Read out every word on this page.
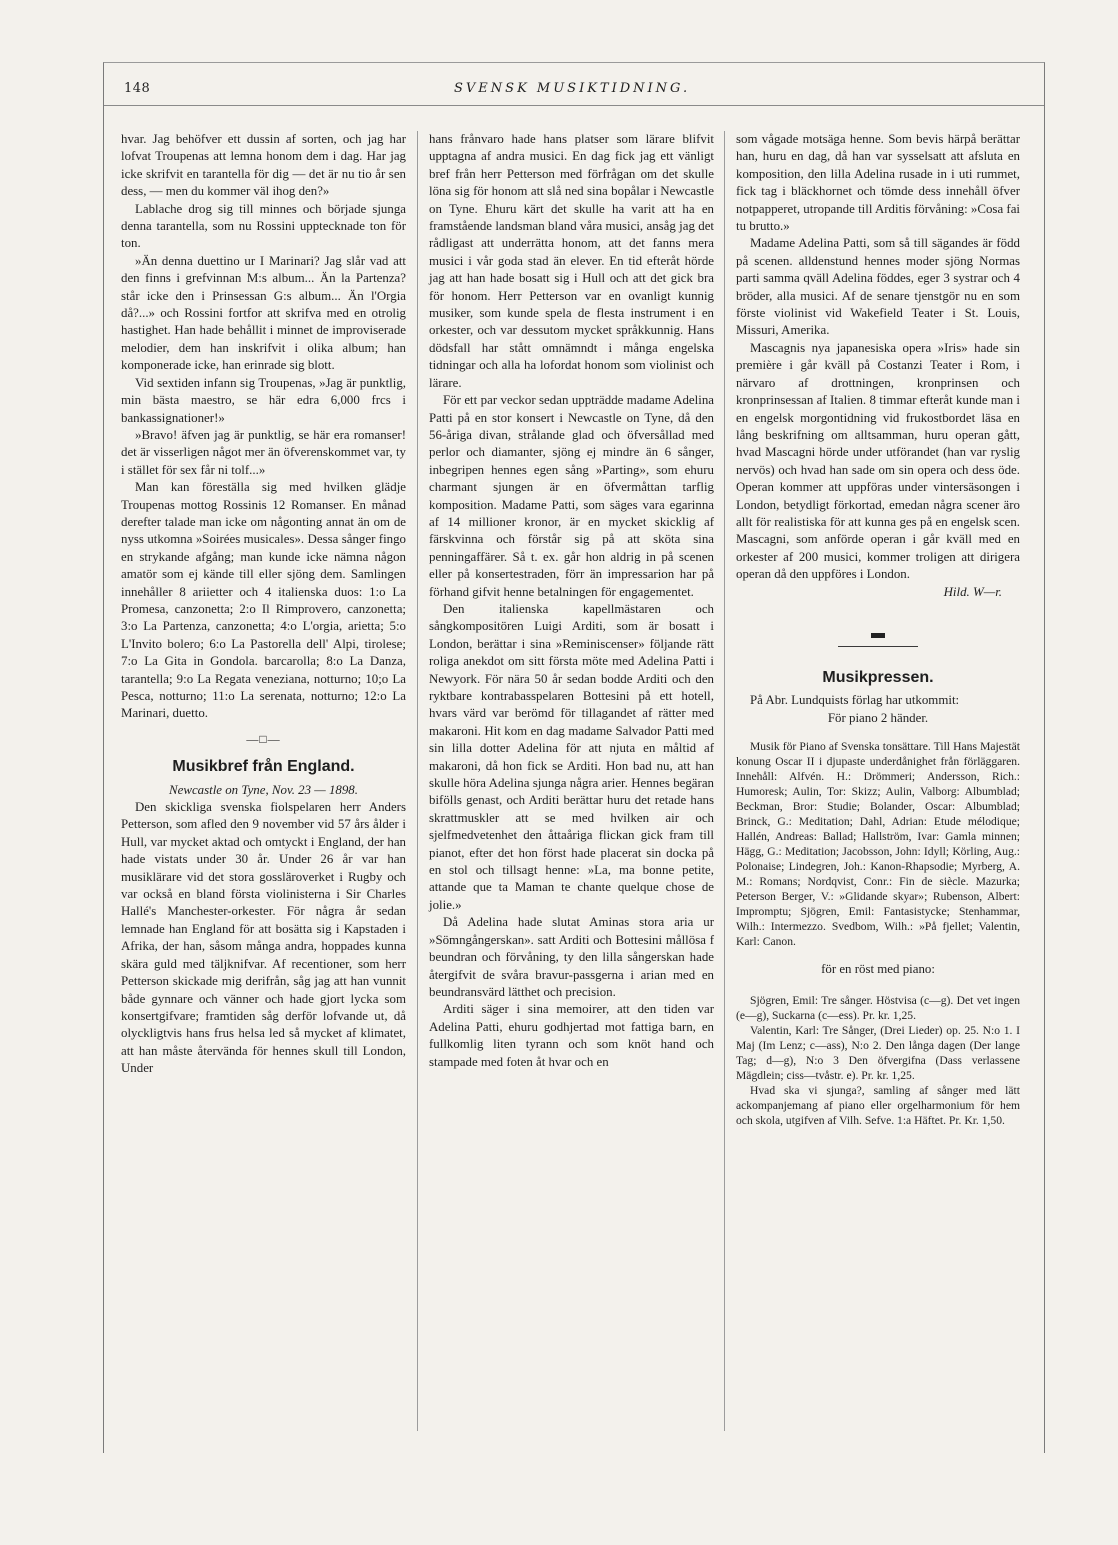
148	SVENSK MUSIKTIDNING.

hvar. Jag behöfver ett dussin af sorten, och jag har lofvat Troupenas att lemna honom dem i dag. Har jag icke skrifvit en tarantella för dig — det är nu tio år sen dess, — men du kommer väl ihog den?»

Lablache drog sig till minnes och började sjunga denna tarantella, som nu Rossini upptecknade ton för ton.

»Än denna duettino ur I Marinari? Jag slår vad att den finns i grefvinnan M:s album... Än la Partenza? står icke den i Prinsessan G:s album... Än l'Orgia då?...» och Rossini fortfor att skrifva med en otrolig hastighet. Han hade behållit i minnet de improviserade melodier, dem han inskrifvit i olika album; han komponerade icke, han erinrade sig blott.

Vid sextiden infann sig Troupenas, »Jag är punktlig, min bästa maestro, se här edra 6,000 frcs i bankassignationer!»

»Bravo! äfven jag är punktlig, se här era romanser! det är visserligen något mer än öfverenskommet var, ty i stället för sex får ni tolf...»

Man kan föreställa sig med hvilken glädje Troupenas mottog Rossinis 12 Romanser. En månad derefter talade man icke om någonting annat än om de nyss utkomna »Soirées musicales». Dessa sånger fingo en strykande afgång; man kunde icke nämna någon amatör som ej kände till eller sjöng dem. Samlingen innehåller 8 ariietter och 4 italienska duos: 1:o La Promesa, canzonetta; 2:o Il Rimprovero, canzonetta; 3:o La Partenza, canzonetta; 4:o L'orgia, arietta; 5:o L'Invito bolero; 6:o La Pastorella dell' Alpi, tirolese; 7:o La Gita in Gondola. barcarolla; 8:o La Danza, tarantella; 9:o La Regata veneziana, notturno; 10;o La Pesca, notturno; 11:o La serenata, notturno; 12:o La Marinari, duetto.

—□—
Musikbref från England.
Newcastle on Tyne, Nov. 23 — 1898.

Den skickliga svenska fiolspelaren herr Anders Petterson, som afled den 9 november vid 57 års ålder i Hull, var mycket aktad och omtyckt i England, der han hade vistats under 30 år. Under 26 år var han musiklärare vid det stora gossläroverket i Rugby och var också en bland första violinisterna i Sir Charles Hallé's Manchester-orkester. För några år sedan lemnade han England för att bosätta sig i Kapstaden i Afrika, der han, såsom många andra, hoppades kunna skära guld med täljknifvar. Af recentioner, som herr Petterson skickade mig derifrån, såg jag att han vunnit både gynnare och vänner och hade gjort lycka som konsertgifvare; framtiden såg derför lofvande ut, då olyckligtvis hans frus helsa led så mycket af klimatet, att han måste återvända för hennes skull till London, Under

hans frånvaro hade hans platser som lärare blifvit upptagna af andra musici. En dag fick jag ett vänligt bref från herr Petterson med förfrågan om det skulle löna sig för honom att slå ned sina bopålar i Newcastle on Tyne. Ehuru kärt det skulle ha varit att ha en framstående landsman bland våra musici, ansåg jag det rådligast att underrätta honom, att det fanns mera musici i vår goda stad än elever. En tid efteråt hörde jag att han hade bosatt sig i Hull och att det gick bra för honom. Herr Petterson var en ovanligt kunnig musiker, som kunde spela de flesta instrument i en orkester, och var dessutom mycket språkkunnig. Hans dödsfall har stått omnämndt i många engelska tidningar och alla ha lofordat honom som violinist och lärare.

För ett par veckor sedan uppträdde madame Adelina Patti på en stor konsert i Newcastle on Tyne, då den 56-åriga divan, strålande glad och öfversållad med perlor och diamanter, sjöng ej mindre än 6 sånger, inbegripen hennes egen sång »Parting», som ehuru charmant sjungen är en öfvermåttan tarflig komposition. Madame Patti, som säges vara egarinna af 14 millioner kronor, är en mycket skicklig af färskvinna och förstår sig på att sköta sina penningaffärer. Så t. ex. går hon aldrig in på scenen eller på konsertestraden, förr än impressarion har på förhand gifvit henne betalningen för engagementet.

Den italienska kapellmästaren och sångkompositören Luigi Arditi, som är bosatt i London, berättar i sina »Reminiscenser» följande rätt roliga anekdot om sitt första möte med Adelina Patti i Newyork. För nära 50 år sedan bodde Arditi och den ryktbare kontrabasspelaren Bottesini på ett hotell, hvars värd var berömd för tillagandet af rätter med makaroni. Hit kom en dag madame Salvador Patti med sin lilla dotter Adelina för att njuta en måltid af makaroni, då hon fick se Arditi. Hon bad nu, att han skulle höra Adelina sjunga några arier. Hennes begäran bifölls genast, och Arditi berättar huru det retade hans skrattmuskler att se med hvilken air och sjelfmedvetenhet den åttaåriga flickan gick fram till pianot, efter det hon först hade placerat sin docka på en stol och tillsagt henne: »La, ma bonne petite, attande que ta Maman te chante quelque chose de jolie.»

Då Adelina hade slutat Aminas stora aria ur »Sömngångerskan». satt Arditi och Bottesini mållösa f beundran och förvåning, ty den lilla sångerskan hade återgifvit de svåra bravur-passgerna i arian med en beundransvärd lätthet och precision.

Arditi säger i sina memoirer, att den tiden var Adelina Patti, ehuru godhjertad mot fattiga barn, en fullkomlig liten tyrann och som knöt hand och stampade med foten åt hvar och en

som vågade motsäga henne. Som bevis härpå berättar han, huru en dag, då han var sysselsatt att afsluta en komposition, den lilla Adelina rusade in i uti rummet, fick tag i bläckhornet och tömde dess innehåll öfver notpapperet, utropande till Arditis förvåning: »Cosa fai tu brutto.»

Madame Adelina Patti, som så till sägandes är född på scenen. alldenstund hennes moder sjöng Normas parti samma qväll Adelina föddes, eger 3 systrar och 4 bröder, alla musici. Af de senare tjenstgör nu en som förste violinist vid Wakefield Teater i St. Louis, Missuri, Amerika.

Mascagnis nya japanesiska opera »Iris» hade sin première i går kväll på Costanzi Teater i Rom, i närvaro af drottningen, kronprinsen och kronprinsessan af Italien. 8 timmar efteråt kunde man i en engelsk morgontidning vid frukostbordet läsa en lång beskrifning om alltsamman, huru operan gått, hvad Mascagni hörde under utförandet (han var ryslig nervös) och hvad han sade om sin opera och dess öde. Operan kommer att uppföras under vintersäsongen i London, betydligt förkortad, emedan några scener äro allt för realistiska för att kunna ges på en engelsk scen. Mascagni, som anförde operan i går kväll med en orkester af 200 musici, kommer troligen att dirigera operan då den uppföres i London.

Hild. W—r.
Musikpressen.

På Abr. Lundquists förlag har utkommit:

För piano 2 händer.

Musik för Piano af Svenska tonsättare. Till Hans Majestät konung Oscar II i djupaste underdånighet från förläggaren. Innehåll: Alfvén. H.: Drömmeri; Andersson, Rich.: Humoresk; Aulin, Tor: Skizz; Aulin, Valborg: Albumblad; Beckman, Bror: Studie; Bolander, Oscar: Albumblad; Brinck, G.: Meditation; Dahl, Adrian: Etude mélodique; Hallén, Andreas: Ballad; Hallström, Ivar: Gamla minnen; Hägg, G.: Meditation; Jacobsson, John: Idyll; Körling, Aug.: Polonaise; Lindegren, Joh.: Kanon-Rhapsodie; Myrberg, A. M.: Romans; Nordqvist, Conr.: Fin de siècle. Mazurka; Peterson Berger, V.: »Glidande skyar»; Rubenson, Albert: Impromptu; Sjögren, Emil: Fantasistycke; Stenhammar, Wilh.: Intermezzo. Svedbom, Wilh.: »På fjellet; Valentin, Karl: Canon.

för en röst med piano:

Sjögren, Emil: Tre sånger. Höstvisa (c—g). Det vet ingen (e—g), Suckarna (c—ess). Pr. kr. 1,25.

Valentin, Karl: Tre Sånger, (Drei Lieder) op. 25. N:o 1. I Maj (Im Lenz; c—ass), N:o 2. Den långa dagen (Der lange Tag; d—g), N:o 3 Den öfvergifna (Dass verlassene Mägdlein; ciss—tvåstr. e). Pr. kr. 1,25.

Hvad ska vi sjunga?, samling af sånger med lätt ackompanjemang af piano eller orgelharmonium för hem och skola, utgifven af Vilh. Sefve. 1:a Häftet. Pr. Kr. 1,50.
